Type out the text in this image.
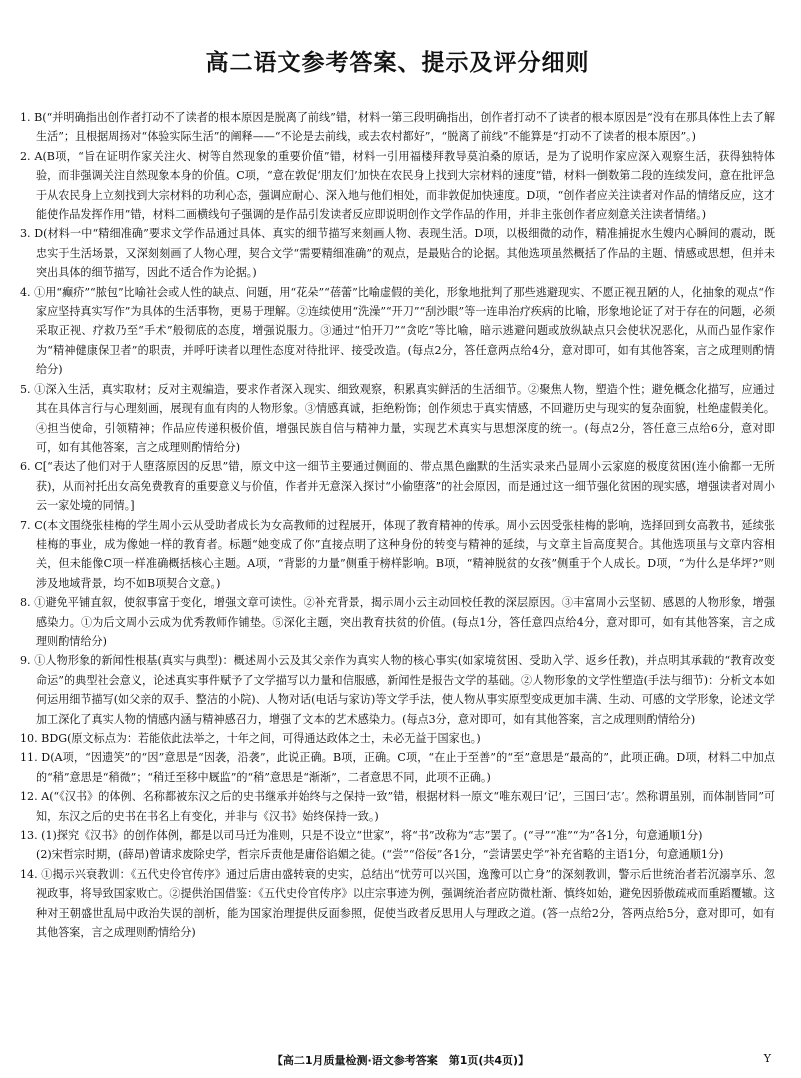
高二语文参考答案、提示及评分细则

1. B(“并明确指出创作者打动不了读者的根本原因是脱离了前线”错，材料一第三段明确指出，创作者打动不了读者的根本原因是“没有在那具体性上去了解生活”；且根据周扬对“体验实际生活”的阐释——“不论是去前线，或去农村都好”，“脱离了前线”不能算是“打动不了读者的根本原因”。)

2. A(B项，“旨在证明作家关注火、树等自然现象的重要价值”错，材料一引用福楼拜教导莫泊桑的原话，是为了说明作家应深入观察生活，获得独特体验，而非强调关注自然现象本身的价值。C项，“意在敦促‘朋友们’加快在农民身上找到大宗材料的速度”错，材料一倒数第二段的连续发问，意在批评急于从农民身上立刻找到大宗材料的功利心态，强调应耐心、深入地与他们相处，而非敦促加快速度。D项，“创作者应关注读者对作品的情绪反应，这才能使作品发挥作用”错，材料二画横线句子强调的是作品引发读者反应即说明创作文学作品的作用，并非主张创作者应刻意关注读者情绪。)

3. D(材料一中“精细准确”要求文学作品通过具体、真实的细节描写来刻画人物、表现生活。D项，以极细微的动作，精准捕捉水生嫂内心瞬间的震动，既忠实于生活场景，又深刻刻画了人物心理，契合文学“需要精细准确”的观点，是最贴合的论据。其他选项虽然概括了作品的主题、情感或思想，但并未突出具体的细节描写，因此不适合作为论据。)

4. ①用“癫疥”“脓包”比喻社会或人性的缺点、问题，用“花朵”“蓓蕾”比喻虚假的美化，形象地批判了那些逃避现实、不愿正视丑陋的人，化抽象的观点“作家应坚持真实写作”为具体的生活事物，更易于理解。②连续使用“洗澡”“开刀”“刮沙眼”等一连串治疗疾病的比喻，形象地论证了对于存在的问题，必须采取正视、疗救乃至“手术”般彻底的态度，增强说服力。③通过“怕开刀”“贪吃”等比喻，暗示逃避问题或放纵缺点只会使状况恶化，从而凸显作家作为“精神健康保卫者”的职责，并呼吁读者以理性态度对待批评、接受改造。(每点2分，答任意两点给4分，意对即可，如有其他答案，言之成理则酌情给分)

5. ①深入生活，真实取材；反对主观编造，要求作者深入现实、细致观察，积累真实鲜活的生活细节。②聚焦人物，塑造个性；避免概念化描写，应通过其在具体言行与心理刻画，展现有血有肉的人物形象。③情感真诚，拒绝粉饰；创作须忠于真实情感，不回避历史与现实的复杂面貌，杜绝虚假美化。④担当使命，引领精神；作品应传递积极价值，增强民族自信与精神力量，实现艺术真实与思想深度的统一。(每点2分，答任意三点给6分，意对即可，如有其他答案，言之成理则酌情给分)

6. C[“表达了他们对于人堕落原因的反思”错，原文中这一细节主要通过侧面的、带点黑色幽默的生活实录来凸显周小云家庭的极度贫困(连小偷都一无所获)，从而衬托出女高免费教育的重要意义与价值，作者并无意深入探讨“小偷堕落”的社会原因，而是通过这一细节强化贫困的现实感，增强读者对周小云一家处境的同情。]

7. C(本文围绕张桂梅的学生周小云从受助者成长为女高教师的过程展开，体现了教育精神的传承。周小云因受张桂梅的影响，选择回到女高教书，延续张桂梅的事业，成为像她一样的教育者。标题“她变成了你”直接点明了这种身份的转变与精神的延续，与文章主旨高度契合。其他选项虽与文章内容相关，但未能像C项一样准确概括核心主题。A项，“背影的力量”侧重于榜样影响。B项，“精神脱贫的女孩”侧重于个人成长。D项，“为什么是华坪?”则涉及地域背景，均不如B项契合文意。)

8. ①避免平铺直叙，使叙事富于变化，增强文章可读性。②补充背景，揭示周小云主动回校任教的深层原因。③丰富周小云坚韧、感恩的人物形象，增强感染力。①为后文周小云成为优秀教师作铺垫。⑤深化主题，突出教育扶贫的价值。(每点1分，答任意四点给4分，意对即可，如有其他答案，言之成理则酌情给分)

9. ①人物形象的新闻性根基(真实与典型)：概述周小云及其父亲作为真实人物的核心事实(如家境贫困、受助入学、返乡任教)，并点明其承载的“教育改变命运”的典型社会意义，论述真实事件赋予了文学描写以力量和信服感，新闻性是报告文学的基础。②人物形象的文学性塑造(手法与细节)：分析文本如何运用细节描写(如父亲的双手、整洁的小院)、人物对话(电话与家访)等文学手法，使人物从事实原型变成更加丰满、生动、可感的文学形象，论述文学加工深化了真实人物的情感内涵与精神感召力，增强了文本的艺术感染力。(每点3分，意对即可，如有其他答案，言之成理则酌情给分)

10. BDG(原文标点为：若能依此法举之，十年之间，可得通达政体之士，未必无益于国家也。)

11. D(A项，“因遗笑”的“因”意思是“因袭，沿袭”，此说正确。B项，正确。C项，“在止于至善”的“至”意思是“最高的”，此项正确。D项，材料二中加点的“稍”意思是“稍微”；“稍迁至移中厩监”的“稍”意思是“渐渐”，二者意思不同，此项不正确。)

12. A(“《汉书》的体例、名称都被东汉之后的史书继承并始终与之保持一致”错，根据材料一原文“唯东观曰‘记’，三国曰‘志’。然称谓虽别，而体制皆同”可知，东汉之后的史书在书名上有变化，并非与《汉书》始终保持一致。)

13. (1)探究《汉书》的创作体例，都是以司马迁为准则，只是不设立“世家”，将“书”改称为“志”罢了。(“寻”“准”“为”各1分，句意通顺1分)
(2)宋哲宗时期，(薛昂)曾请求废除史学，哲宗斥责他是庸俗谄媚之徒。(“尝”“俗佞”各1分，“尝请罢史学”补充省略的主语1分，句意通顺1分)

14. ①揭示兴衰教训：《五代史伶官传序》通过后唐由盛转衰的史实，总结出“忧劳可以兴国，逸豫可以亡身”的深刻教训，警示后世统治者若沉溺享乐、忽视政事，将导致国家败亡。②提供治国借鉴：《五代史伶官传序》以庄宗事迹为例，强调统治者应防微杜渐、慎终如始，避免因骄傲疏戒而重蹈覆辙。这种对王朝盛世乱局中政治失误的剖析，能为国家治理提供反面参照，促使当政者反思用人与理政之道。(答一点给2分，答两点给5分，意对即可，如有其他答案，言之成理则酌情给分)

【高二1月质量检测·语文参考答案　第1页(共4页)】	Y
